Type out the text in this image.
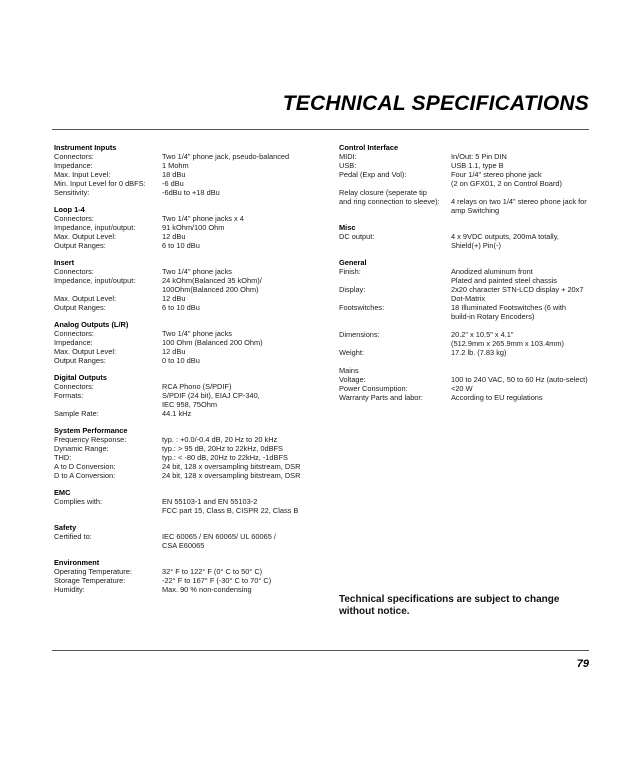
TECHNICAL SPECIFICATIONS
Instrument Inputs
Connectors:	Two 1/4" phone jack, pseudo-balanced
Impedance:	1 Mohm
Max. Input Level:	18 dBu
Min. Input Level for 0 dBFS:	-6 dBu
Sensitivity:	-6dBu to +18 dBu
Loop 1-4
Connectors:	Two 1/4" phone jacks x 4
Impedance, input/output:	91 kOhm/100 Ohm
Max. Output Level:	12 dBu
Output Ranges:	6 to 10 dBu
Insert
Connectors:	Two 1/4" phone jacks
Impedance, input/output:	24 kOhm(Balanced 35 kOhm)/
100Ohm(Balanced 200 Ohm)
Max. Output Level:	12 dBu
Output Ranges:	6 to 10 dBu
Analog Outputs (L/R)
Connectors:	Two 1/4" phone jacks
Impedance:	100 Ohm (Balanced 200 Ohm)
Max. Output Level:	12 dBu
Output Ranges:	0 to 10 dBu
Digital Outputs
Connectors:	RCA Phono (S/PDIF)
Formats:	S/PDIF (24 bit), EIAJ CP-340,
IEC 958, 75Ohm
Sample Rate:	44.1 kHz
System Performance
Frequency Response:	typ. : +0.0/-0.4 dB, 20 Hz to 20 kHz
Dynamic Range:	typ.: > 95 dB, 20Hz to 22kHz, 0dBFS
THD:	typ.: < -80 dB, 20Hz to 22kHz, -1dBFS
A to D Conversion:	24 bit, 128 x oversampling bitstream, DSR
D to A Conversion:	24 bit, 128 x oversampling bitstream, DSR
EMC
Complies with:	EN 55103-1 and EN 55103-2
FCC part 15, Class B, CISPR 22, Class B
Safety
Certified to:	IEC 60065 / EN 60065/ UL 60065 /
CSA E60065
Environment
Operating Temperature:	32° F to 122° F (0° C to 50° C)
Storage Temperature:	-22° F to 167° F (-30° C to 70° C)
Humidity:	Max. 90 % non-condensing
Control Interface
MIDI:	In/Out: 5 Pin DIN
USB:	USB 1.1, type B
Pedal (Exp and Vol):	Four 1/4" stereo phone jack
(2 on GFX01, 2 on Control Board)
Relay closure (seperate tip
and ring connection to sleeve):	4 relays on two 1/4" stereo phone jack for
amp Switching
Misc
DC output:	4 x 9VDC outputs, 200mA totally,
Shield(+) Pin(-)
General
Finish:	Anodized aluminum front
Plated and painted steel chassis
Display:	2x20 character STN-LCD display + 20x7
Dot-Matrix
Footswitches:	18 Illuminated Footswitches (6 with
build-in Rotary Encoders)
Dimensions:	20.2" x 10.5" x 4.1"
(512.9mm x 265.9mm x 103.4mm)
Weight:	17.2 lb. (7.83 kg)
Mains
Voltage:	100 to 240 VAC, 50 to 60 Hz (auto-select)
Power Consumption:	<20 W
Warranty Parts and labor:	According to EU regulations
Technical specifications are subject to change
without notice.
79
